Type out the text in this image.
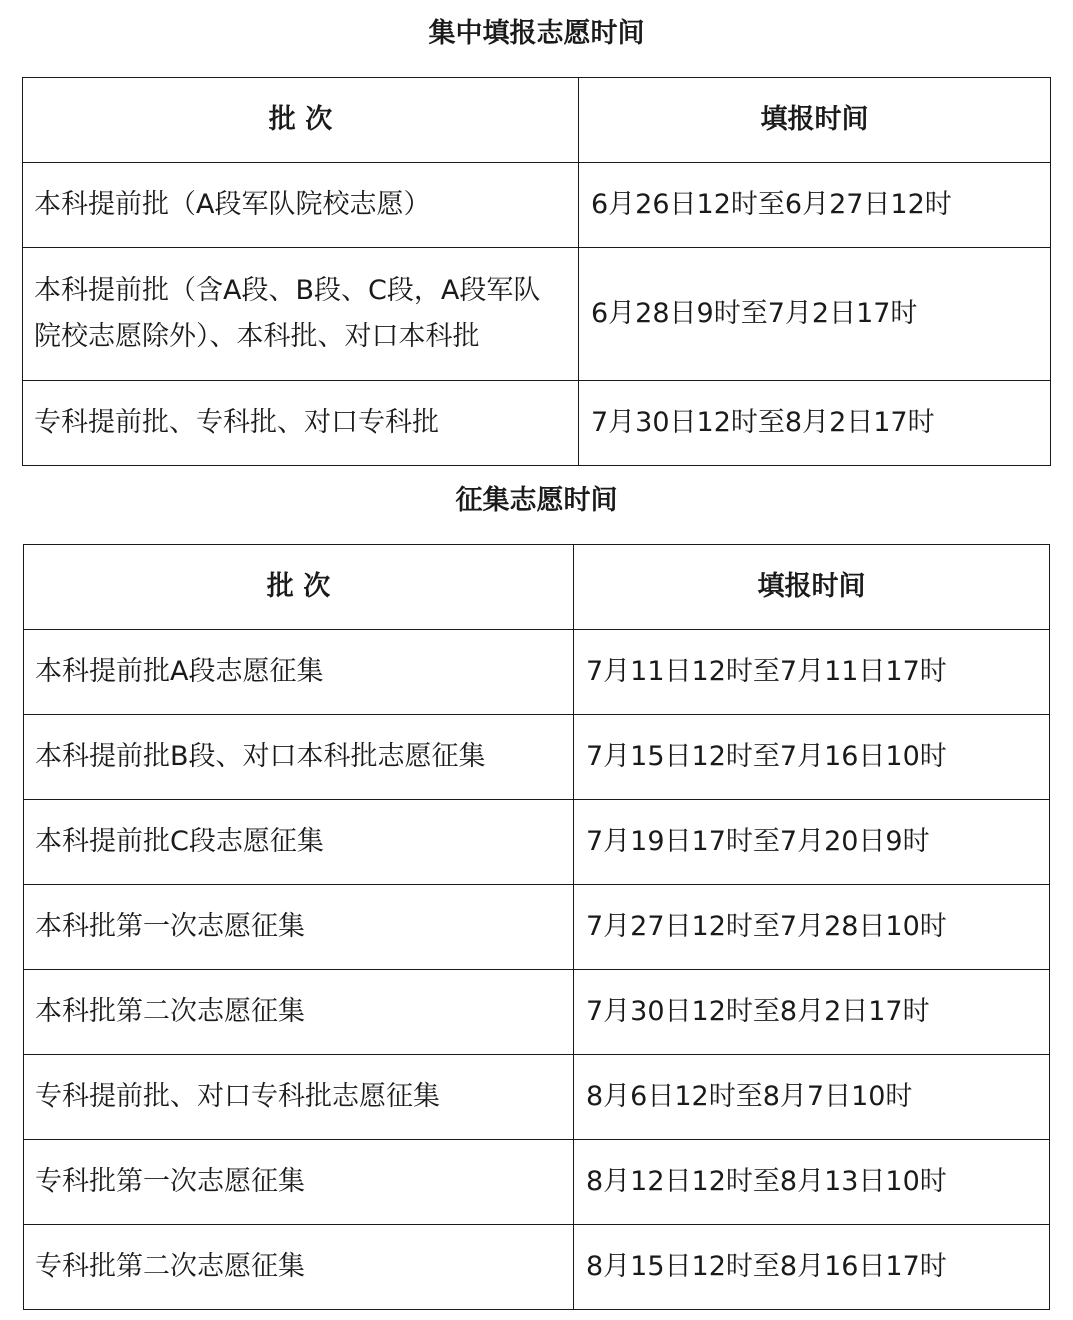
集中填报志愿时间
批 次	填报时间
本科提前批（A段军队院校志愿）	6月26日12时至6月27日12时
本科提前批（含A段、B段、C段，A段军队院校志愿除外）、本科批、对口本科批	6月28日9时至7月2日17时
专科提前批、专科批、对口专科批	7月30日12时至8月2日17时
征集志愿时间
批 次	填报时间
本科提前批A段志愿征集	7月11日12时至7月11日17时
本科提前批B段、对口本科批志愿征集	7月15日12时至7月16日10时
本科提前批C段志愿征集	7月19日17时至7月20日9时
本科批第一次志愿征集	7月27日12时至7月28日10时
本科批第二次志愿征集	7月30日12时至8月2日17时
专科提前批、对口专科批志愿征集	8月6日12时至8月7日10时
专科批第一次志愿征集	8月12日12时至8月13日10时
专科批第二次志愿征集	8月15日12时至8月16日17时
